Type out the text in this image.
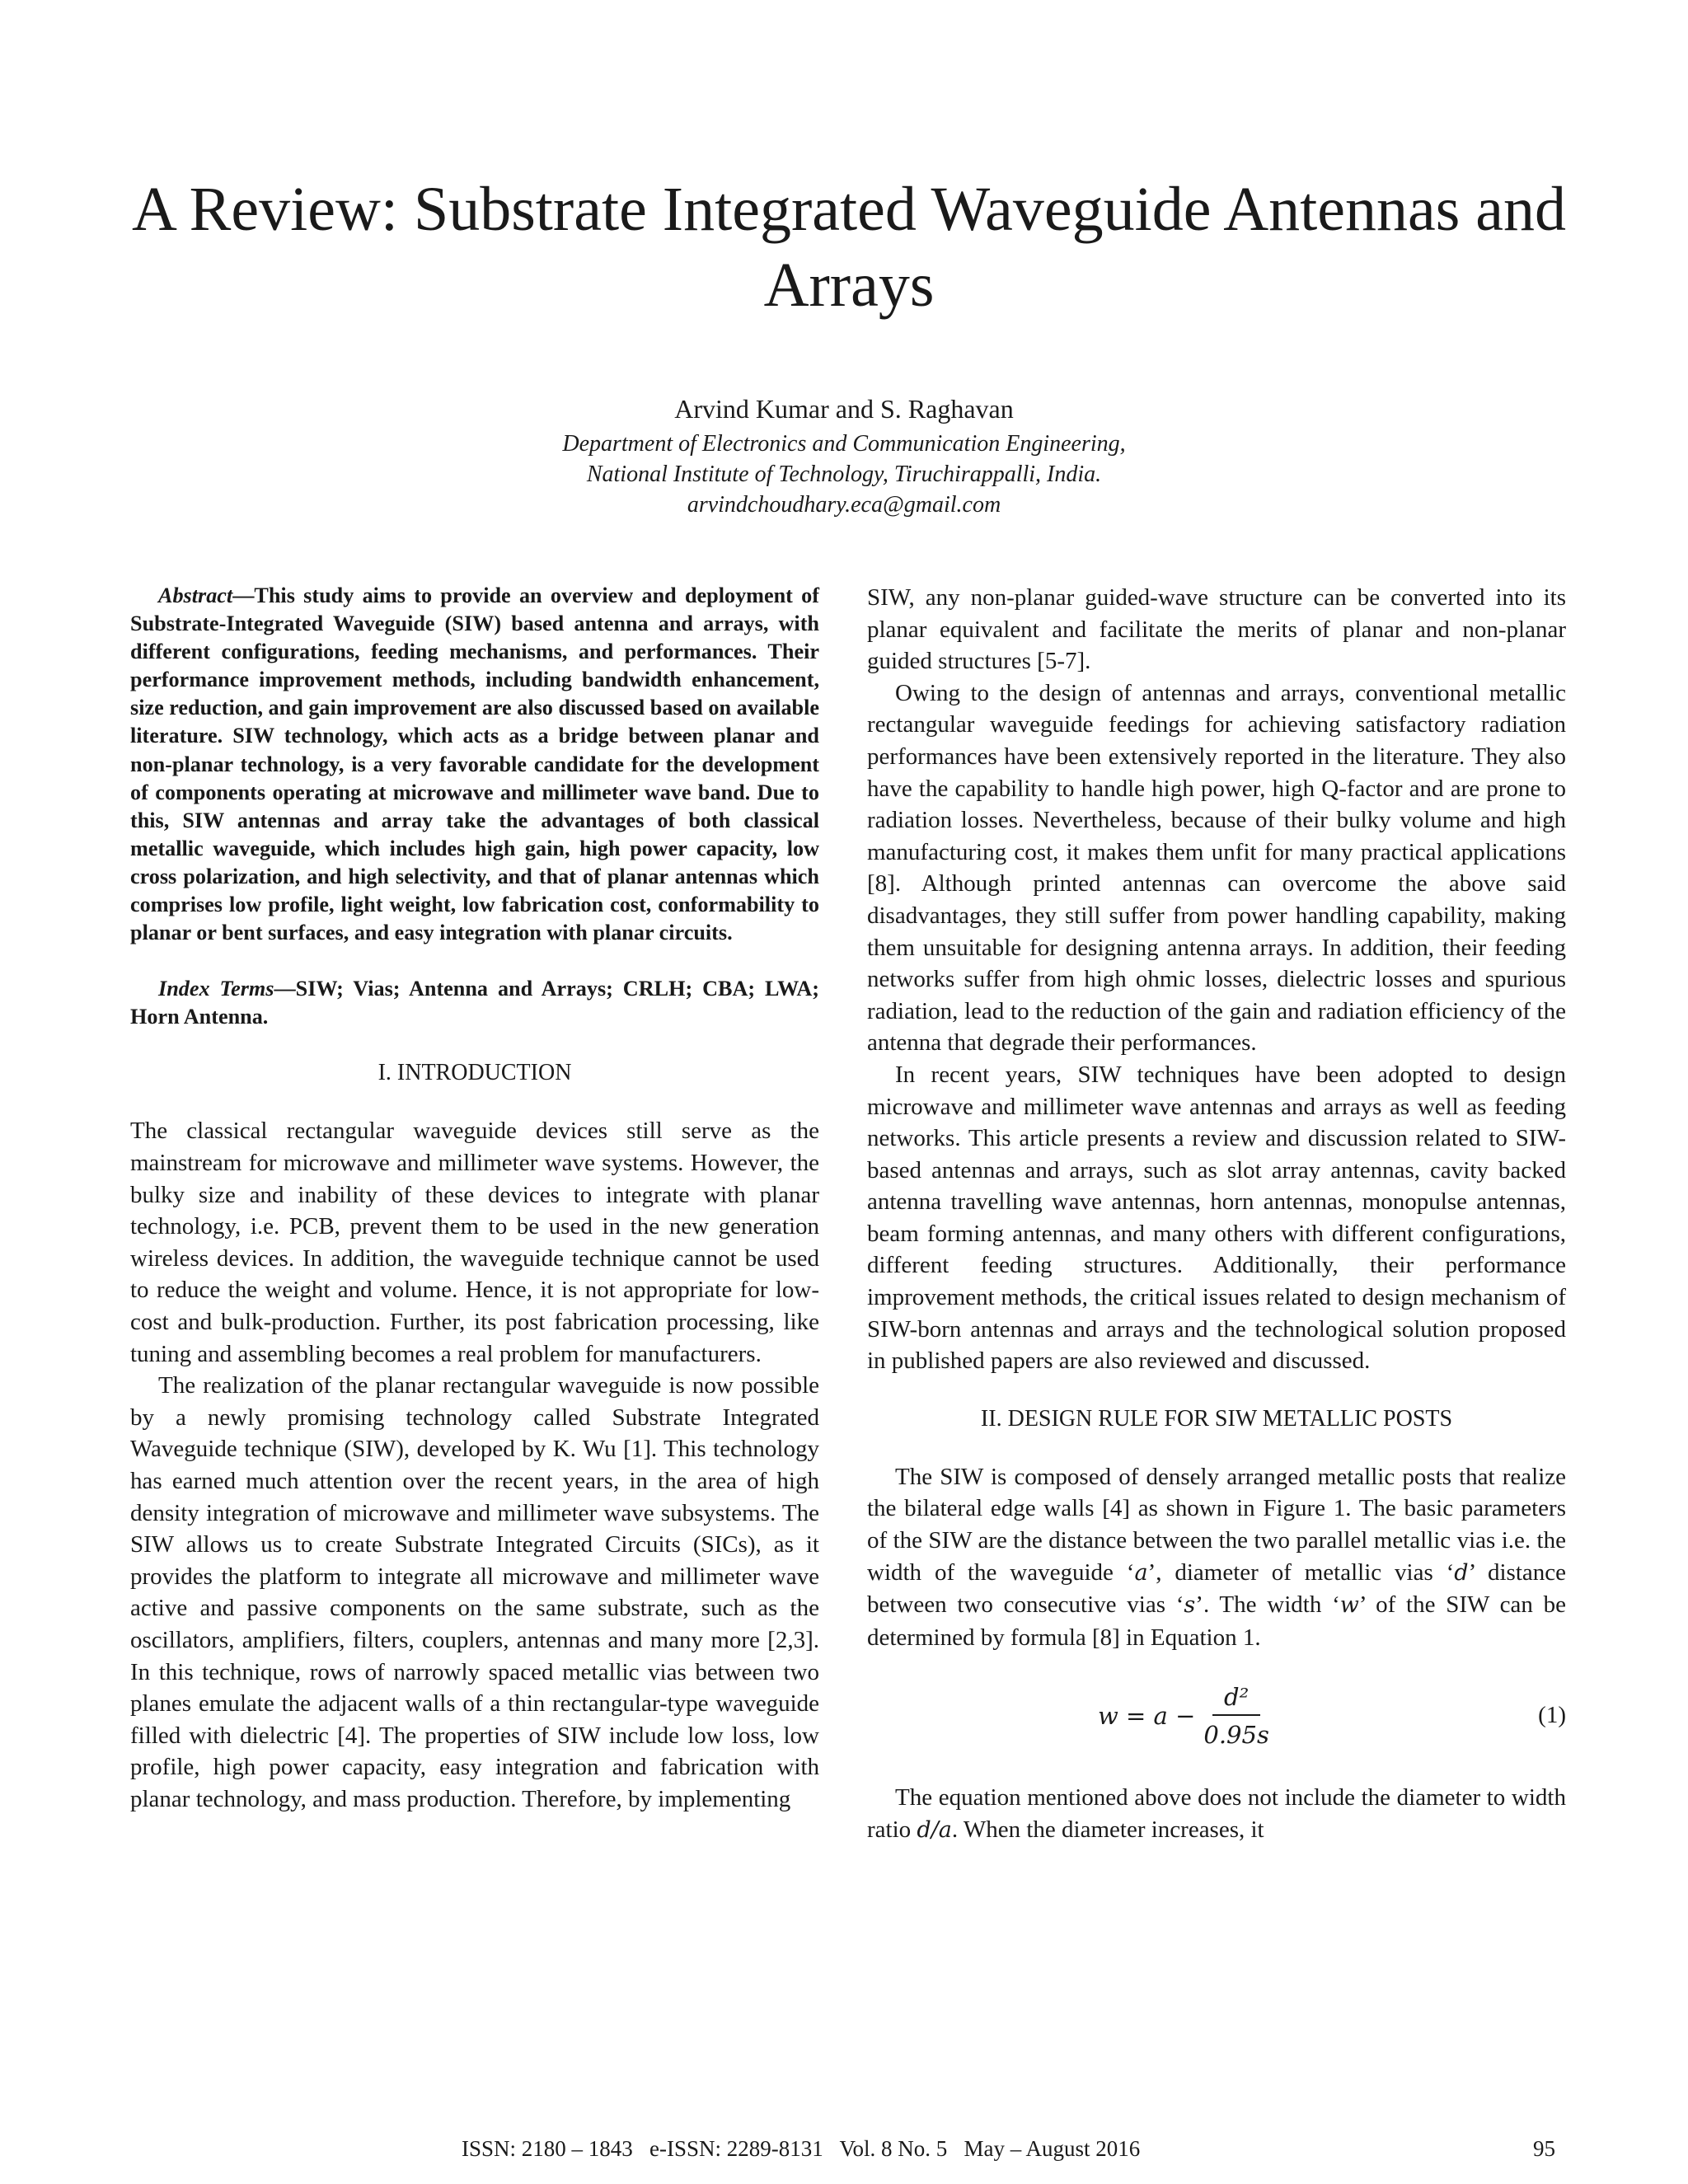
A Review: Substrate Integrated Waveguide Antennas and Arrays
Arvind Kumar and S. Raghavan
Department of Electronics and Communication Engineering,
National Institute of Technology, Tiruchirappalli, India.
arvindchoudhary.eca@gmail.com

Abstract—This study aims to provide an overview and deployment of Substrate-Integrated Waveguide (SIW) based antenna and arrays, with different configurations, feeding mechanisms, and performances. Their performance improvement methods, including bandwidth enhancement, size reduction, and gain improvement are also discussed based on available literature. SIW technology, which acts as a bridge between planar and non-planar technology, is a very favorable candidate for the development of components operating at microwave and millimeter wave band. Due to this, SIW antennas and array take the advantages of both classical metallic waveguide, which includes high gain, high power capacity, low cross polarization, and high selectivity, and that of planar antennas which comprises low profile, light weight, low fabrication cost, conformability to planar or bent surfaces, and easy integration with planar circuits.

Index Terms—SIW; Vias; Antenna and Arrays; CRLH; CBA; LWA; Horn Antenna.

I. INTRODUCTION

The classical rectangular waveguide devices still serve as the mainstream for microwave and millimeter wave systems. However, the bulky size and inability of these devices to integrate with planar technology, i.e. PCB, prevent them to be used in the new generation wireless devices. In addition, the waveguide technique cannot be used to reduce the weight and volume. Hence, it is not appropriate for low-cost and bulk-production. Further, its post fabrication processing, like tuning and assembling becomes a real problem for manufacturers.

The realization of the planar rectangular waveguide is now possible by a newly promising technology called Substrate Integrated Waveguide technique (SIW), developed by K. Wu [1]. This technology has earned much attention over the recent years, in the area of high density integration of microwave and millimeter wave subsystems. The SIW allows us to create Substrate Integrated Circuits (SICs), as it provides the platform to integrate all microwave and millimeter wave active and passive components on the same substrate, such as the oscillators, amplifiers, filters, couplers, antennas and many more [2,3]. In this technique, rows of narrowly spaced metallic vias between two planes emulate the adjacent walls of a thin rectangular-type waveguide filled with dielectric [4]. The properties of SIW include low loss, low profile, high power capacity, easy integration and fabrication with planar technology, and mass production. Therefore, by implementing

SIW, any non-planar guided-wave structure can be converted into its planar equivalent and facilitate the merits of planar and non-planar guided structures [5-7].

Owing to the design of antennas and arrays, conventional metallic rectangular waveguide feedings for achieving satisfactory radiation performances have been extensively reported in the literature. They also have the capability to handle high power, high Q-factor and are prone to radiation losses. Nevertheless, because of their bulky volume and high manufacturing cost, it makes them unfit for many practical applications [8]. Although printed antennas can overcome the above said disadvantages, they still suffer from power handling capability, making them unsuitable for designing antenna arrays. In addition, their feeding networks suffer from high ohmic losses, dielectric losses and spurious radiation, lead to the reduction of the gain and radiation efficiency of the antenna that degrade their performances.

In recent years, SIW techniques have been adopted to design microwave and millimeter wave antennas and arrays as well as feeding networks. This article presents a review and discussion related to SIW-based antennas and arrays, such as slot array antennas, cavity backed antenna travelling wave antennas, horn antennas, monopulse antennas, beam forming antennas, and many others with different configurations, different feeding structures. Additionally, their performance improvement methods, the critical issues related to design mechanism of SIW-born antennas and arrays and the technological solution proposed in published papers are also reviewed and discussed.

II. DESIGN RULE FOR SIW METALLIC POSTS

The SIW is composed of densely arranged metallic posts that realize the bilateral edge walls [4] as shown in Figure 1. The basic parameters of the SIW are the distance between the two parallel metallic vias i.e. the width of the waveguide ‘a’, diameter of metallic vias ‘d’ distance between two consecutive vias ‘s’. The width ‘w’ of the SIW can be determined by formula [8] in Equation 1.

$w = a - \frac{\text{d²}}{0.95s}$	(1)

The equation mentioned above does not include the diameter to width ratio d/a. When the diameter increases, it

ISSN: 2180 – 1843   e-ISSN: 2289-8131   Vol. 8 No. 5   May – August 2016	95
